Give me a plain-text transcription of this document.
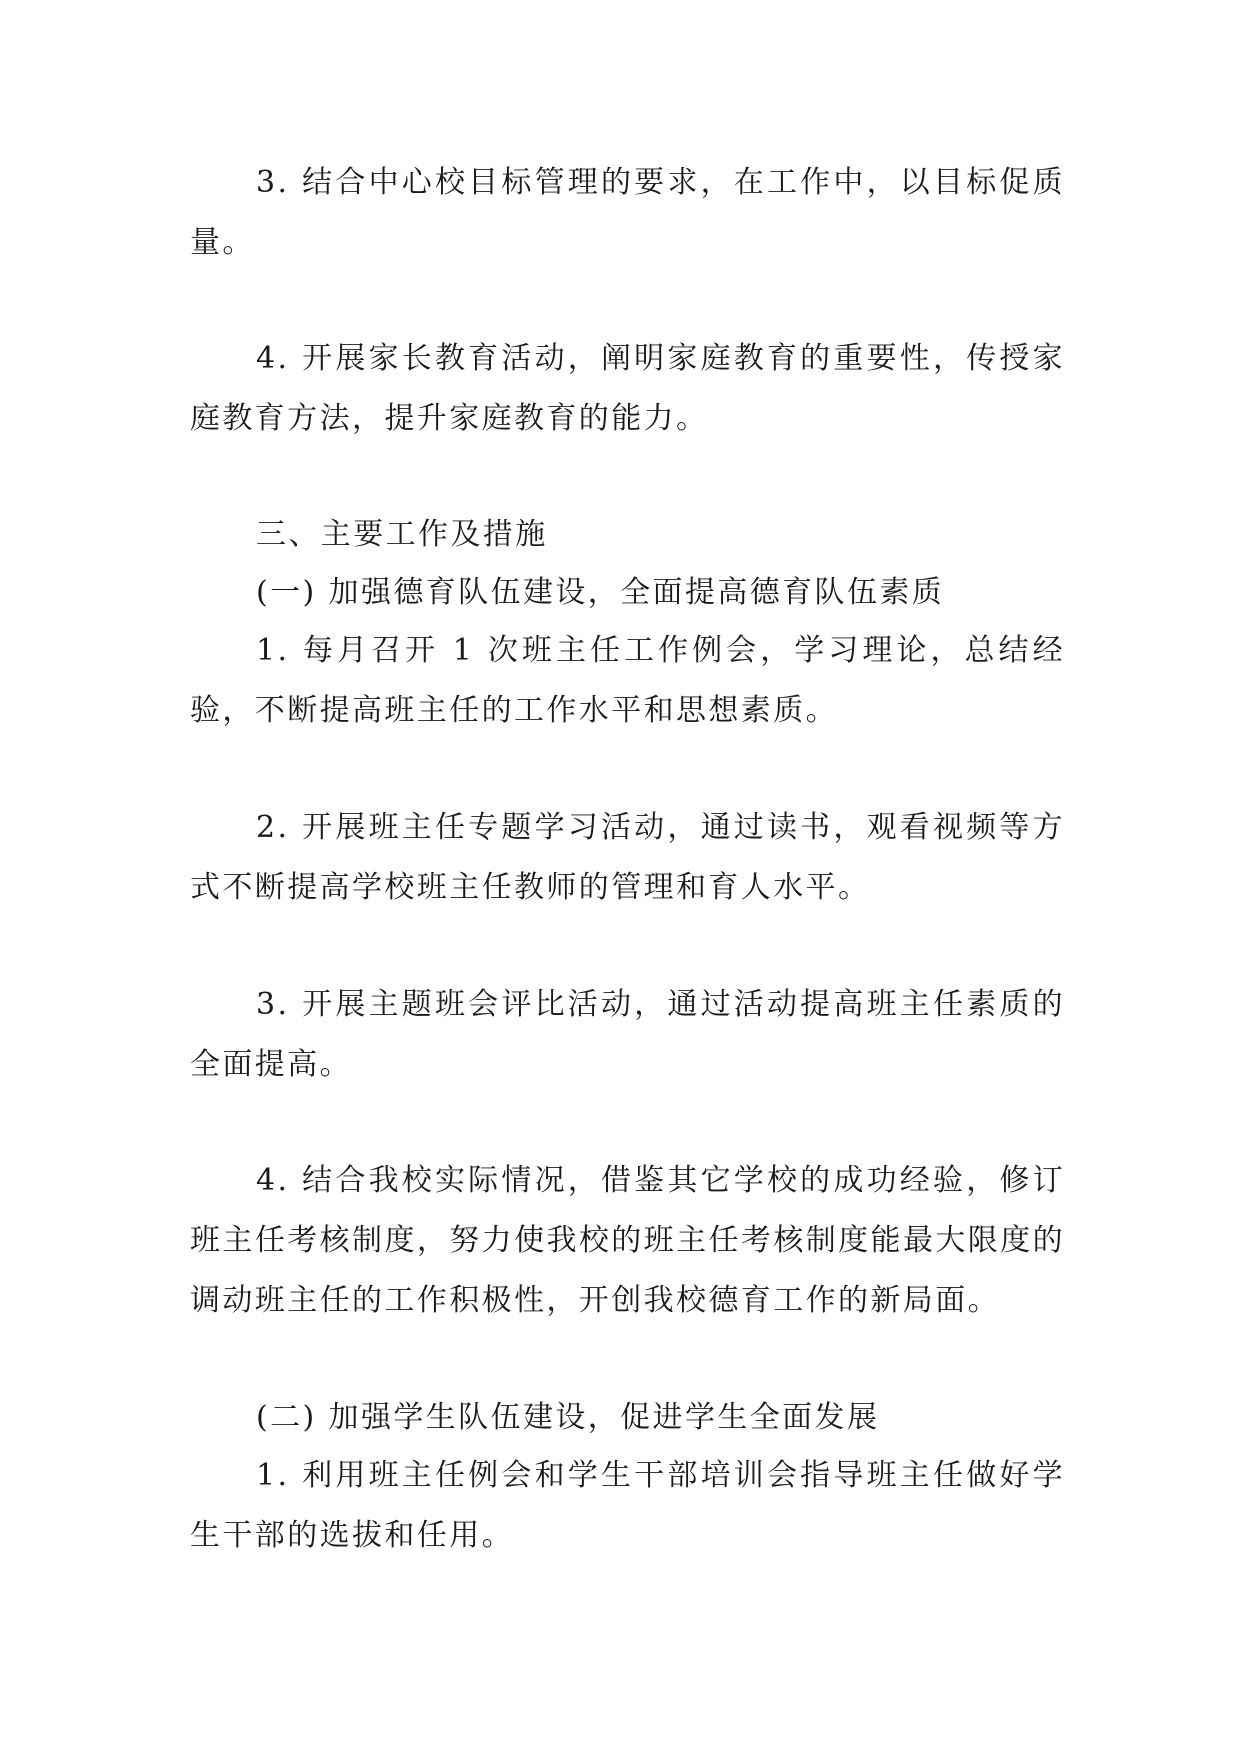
3. 结合中心校目标管理的要求，在工作中，以目标促质量。

4. 开展家长教育活动，阐明家庭教育的重要性，传授家庭教育方法，提升家庭教育的能力。

三、主要工作及措施

(一) 加强德育队伍建设，全面提高德育队伍素质

1. 每月召开 1 次班主任工作例会，学习理论，总结经验，不断提高班主任的工作水平和思想素质。

2. 开展班主任专题学习活动，通过读书，观看视频等方式不断提高学校班主任教师的管理和育人水平。

3. 开展主题班会评比活动，通过活动提高班主任素质的全面提高。

4. 结合我校实际情况，借鉴其它学校的成功经验，修订班主任考核制度，努力使我校的班主任考核制度能最大限度的调动班主任的工作积极性，开创我校德育工作的新局面。

(二) 加强学生队伍建设，促进学生全面发展

1. 利用班主任例会和学生干部培训会指导班主任做好学生干部的选拔和任用。
